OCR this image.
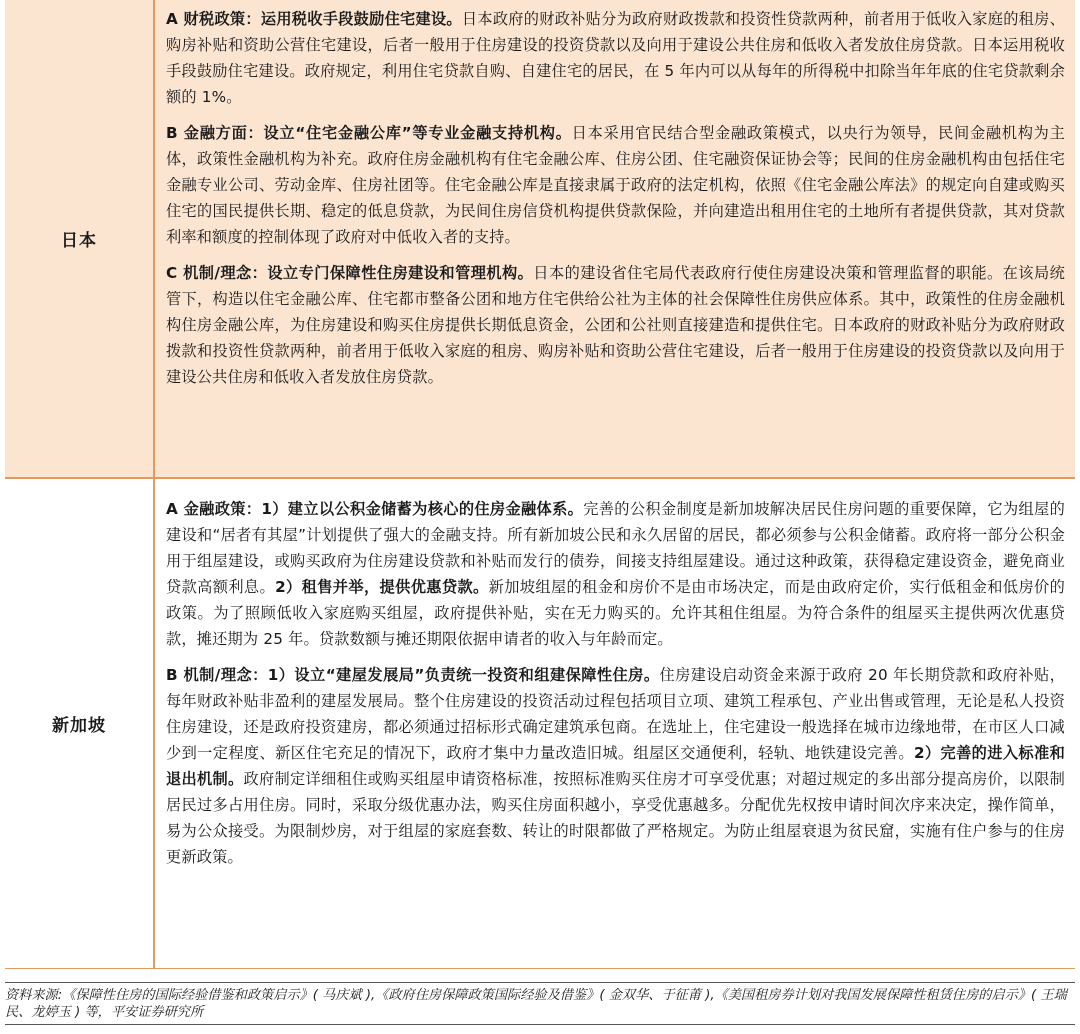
日本

A 财税政策：运用税收手段鼓励住宅建设。日本政府的财政补贴分为政府财政拨款和投资性贷款两种，前者用于低收入家庭的租房、购房补贴和资助公营住宅建设，后者一般用于住房建设的投资贷款以及向用于建设公共住房和低收入者发放住房贷款。日本运用税收手段鼓励住宅建设。政府规定，利用住宅贷款自购、自建住宅的居民，在 5 年内可以从每年的所得税中扣除当年年底的住宅贷款剩余额的 1%。

B 金融方面：设立“住宅金融公库”等专业金融支持机构。日本采用官民结合型金融政策模式，以央行为领导，民间金融机构为主体，政策性金融机构为补充。政府住房金融机构有住宅金融公库、住房公团、住宅融资保证协会等；民间的住房金融机构由包括住宅金融专业公司、劳动金库、住房社团等。住宅金融公库是直接隶属于政府的法定机构，依照《住宅金融公库法》的规定向自建或购买住宅的国民提供长期、稳定的低息贷款，为民间住房信贷机构提供贷款保险，并向建造出租用住宅的土地所有者提供贷款，其对贷款利率和额度的控制体现了政府对中低收入者的支持。

C 机制/理念：设立专门保障性住房建设和管理机构。日本的建设省住宅局代表政府行使住房建设决策和管理监督的职能。在该局统管下，构造以住宅金融公库、住宅都市整备公团和地方住宅供给公社为主体的社会保障性住房供应体系。其中，政策性的住房金融机构住房金融公库，为住房建设和购买住房提供长期低息资金，公团和公社则直接建造和提供住宅。日本政府的财政补贴分为政府财政拨款和投资性贷款两种，前者用于低收入家庭的租房、购房补贴和资助公营住宅建设，后者一般用于住房建设的投资贷款以及向用于建设公共住房和低收入者发放住房贷款。

新加坡

A 金融政策：1）建立以公积金储蓄为核心的住房金融体系。完善的公积金制度是新加坡解决居民住房问题的重要保障，它为组屋的建设和“居者有其屋”计划提供了强大的金融支持。所有新加坡公民和永久居留的居民，都必须参与公积金储蓄。政府将一部分公积金用于组屋建设，或购买政府为住房建设贷款和补贴而发行的债券，间接支持组屋建设。通过这种政策，获得稳定建设资金，避免商业贷款高额利息。2）租售并举，提供优惠贷款。新加坡组屋的租金和房价不是由市场决定，而是由政府定价，实行低租金和低房价的政策。为了照顾低收入家庭购买组屋，政府提供补贴，实在无力购买的。允许其租住组屋。为符合条件的组屋买主提供两次优惠贷款，摊还期为 25 年。贷款数额与摊还期限依据申请者的收入与年龄而定。

B 机制/理念：1）设立“建屋发展局”负责统一投资和组建保障性住房。住房建设启动资金来源于政府 20 年长期贷款和政府补贴，每年财政补贴非盈利的建屋发展局。整个住房建设的投资活动过程包括项目立项、建筑工程承包、产业出售或管理，无论是私人投资住房建设，还是政府投资建房，都必须通过招标形式确定建筑承包商。在选址上，住宅建设一般选择在城市边缘地带，在市区人口减少到一定程度、新区住宅充足的情况下，政府才集中力量改造旧城。组屋区交通便利，轻轨、地铁建设完善。2）完善的进入标准和退出机制。政府制定详细租住或购买组屋申请资格标准，按照标准购买住房才可享受优惠；对超过规定的多出部分提高房价，以限制居民过多占用住房。同时，采取分级优惠办法，购买住房面积越小，享受优惠越多。分配优先权按申请时间次序来决定，操作简单，易为公众接受。为限制炒房，对于组屋的家庭套数、转让的时限都做了严格规定。为防止组屋衰退为贫民窟，实施有住户参与的住房更新政策。

资料来源:《保障性住房的国际经验借鉴和政策启示》( 马庆斌 ),《政府住房保障政策国际经验及借鉴》( 金双华、于征莆 ),《美国租房券计划对我国发展保障性租赁住房的启示》( 王瑞民、龙婷玉 ) 等，平安证券研究所
